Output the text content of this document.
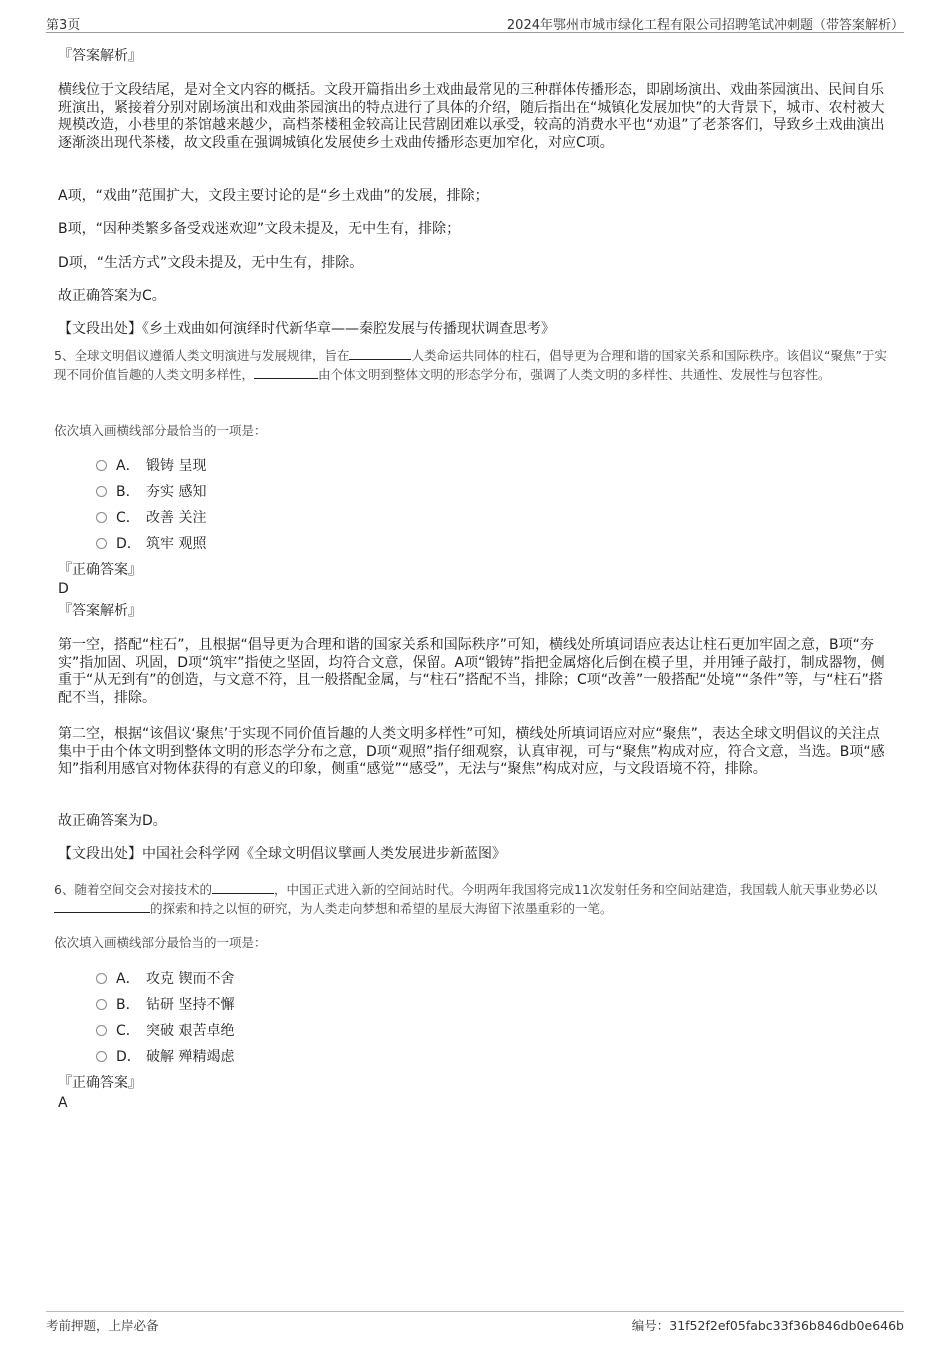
第3页	2024年鄂州市城市绿化工程有限公司招聘笔试冲刺题（带答案解析）
『答案解析』
横线位于文段结尾，是对全文内容的概括。文段开篇指出乡土戏曲最常见的三种群体传播形态，即剧场演出、戏曲茶园演出、民间自乐班演出，紧接着分别对剧场演出和戏曲茶园演出的特点进行了具体的介绍，随后指出在“城镇化发展加快”的大背景下，城市、农村被大规模改造，小巷里的茶馆越来越少，高档茶楼租金较高让民营剧团难以承受，较高的消费水平也“劝退”了老茶客们，导致乡土戏曲演出逐渐淡出现代茶楼，故文段重在强调城镇化发展使乡土戏曲传播形态更加窄化，对应C项。
A项，“戏曲”范围扩大，文段主要讨论的是“乡土戏曲”的发展，排除；
B项，“因种类繁多备受戏迷欢迎”文段未提及，无中生有，排除；
D项，“生活方式”文段未提及，无中生有，排除。
故正确答案为C。
【文段出处】《乡土戏曲如何演绎时代新华章——秦腔发展与传播现状调查思考》
5、全球文明倡议遵循人类文明演进与发展规律，旨在	人类命运共同体的柱石，倡导更为合理和谐的国家关系和国际秩序。该倡议“聚焦”于实现不同价值旨趣的人类文明多样性，	由个体文明到整体文明的形态学分布，强调了人类文明的多样性、共通性、发展性与包容性。
依次填入画横线部分最恰当的一项是：
A． 锻铸 呈现
B． 夯实 感知
C． 改善 关注
D． 筑牢 观照
『正确答案』
D
『答案解析』
第一空，搭配“柱石”，且根据“倡导更为合理和谐的国家关系和国际秩序”可知，横线处所填词语应表达让柱石更加牢固之意，B项“夯实”指加固、巩固，D项“筑牢”指使之坚固，均符合文意，保留。A项“锻铸”指把金属熔化后倒在模子里，并用锤子敲打，制成器物，侧重于“从无到有”的创造，与文意不符，且一般搭配金属，与“柱石”搭配不当，排除；C项“改善”一般搭配“处境”“条件”等，与“柱石”搭配不当，排除。
第二空，根据“该倡议‘聚焦’于实现不同价值旨趣的人类文明多样性”可知，横线处所填词语应对应“聚焦”，表达全球文明倡议的关注点集中于由个体文明到整体文明的形态学分布之意，D项“观照”指仔细观察，认真审视，可与“聚焦”构成对应，符合文意，当选。B项“感知”指利用感官对物体获得的有意义的印象，侧重“感觉”“感受”，无法与“聚焦”构成对应，与文段语境不符，排除。
故正确答案为D。
【文段出处】中国社会科学网《全球文明倡议擘画人类发展进步新蓝图》
6、随着空间交会对接技术的	，中国正式进入新的空间站时代。今明两年我国将完成11次发射任务和空间站建造，我国载人航天事业势必以的探索和持之以恒的研究，为人类走向梦想和希望的星辰大海留下浓墨重彩的一笔。
依次填入画横线部分最恰当的一项是：
A． 攻克 锲而不舍
B． 钻研 坚持不懈
C． 突破 艰苦卓绝
D． 破解 殚精竭虑
『正确答案』
A
考前押题，上岸必备	编号：31f52f2ef05fabc33f36b846db0e646b
